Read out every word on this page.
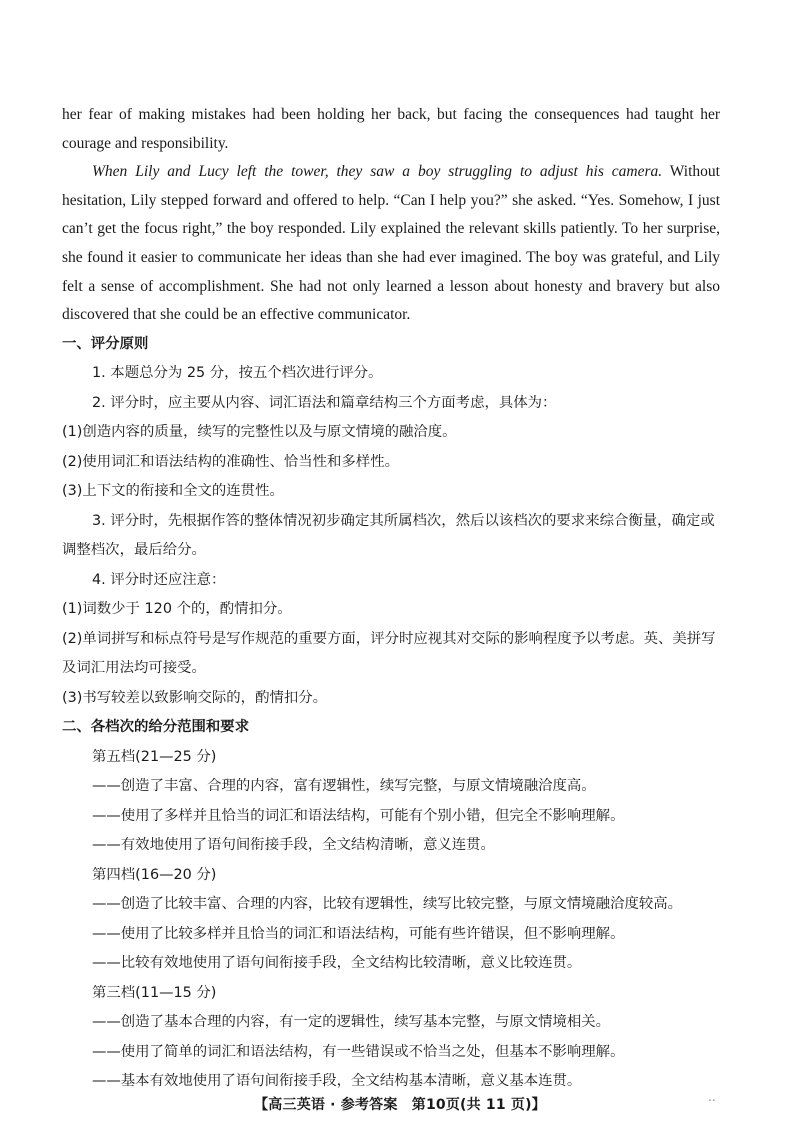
her fear of making mistakes had been holding her back, but facing the consequences had taught her courage and responsibility.

When Lily and Lucy left the tower, they saw a boy struggling to adjust his camera. Without hesitation, Lily stepped forward and offered to help. “Can I help you?” she asked. “Yes. Somehow, I just can’t get the focus right,” the boy responded. Lily explained the relevant skills patiently. To her surprise, she found it easier to communicate her ideas than she had ever imagined. The boy was grateful, and Lily felt a sense of accomplishment. She had not only learned a lesson about honesty and bravery but also discovered that she could be an effective communicator.

一、评分原则
1. 本题总分为 25 分，按五个档次进行评分。
2. 评分时，应主要从内容、词汇语法和篇章结构三个方面考虑，具体为：
(1)创造内容的质量，续写的完整性以及与原文情境的融洽度。
(2)使用词汇和语法结构的准确性、恰当性和多样性。
(3)上下文的衔接和全文的连贯性。
3. 评分时，先根据作答的整体情况初步确定其所属档次，然后以该档次的要求来综合衡量，确定或调整档次，最后给分。
4. 评分时还应注意：
(1)词数少于 120 个的，酌情扣分。
(2)单词拼写和标点符号是写作规范的重要方面，评分时应视其对交际的影响程度予以考虑。英、美拼写及词汇用法均可接受。
(3)书写较差以致影响交际的，酌情扣分。
二、各档次的给分范围和要求
第五档(21—25 分)
——创造了丰富、合理的内容，富有逻辑性，续写完整，与原文情境融洽度高。
——使用了多样并且恰当的词汇和语法结构，可能有个别小错，但完全不影响理解。
——有效地使用了语句间衔接手段，全文结构清晰，意义连贯。
第四档(16—20 分)
——创造了比较丰富、合理的内容，比较有逻辑性，续写比较完整，与原文情境融洽度较高。
——使用了比较多样并且恰当的词汇和语法结构，可能有些许错误，但不影响理解。
——比较有效地使用了语句间衔接手段，全文结构比较清晰，意义比较连贯。
第三档(11—15 分)
——创造了基本合理的内容，有一定的逻辑性，续写基本完整，与原文情境相关。
——使用了简单的词汇和语法结构，有一些错误或不恰当之处，但基本不影响理解。
——基本有效地使用了语句间衔接手段，全文结构基本清晰，意义基本连贯。
【高三英语 · 参考答案　第10页(共 11 页)】	..
